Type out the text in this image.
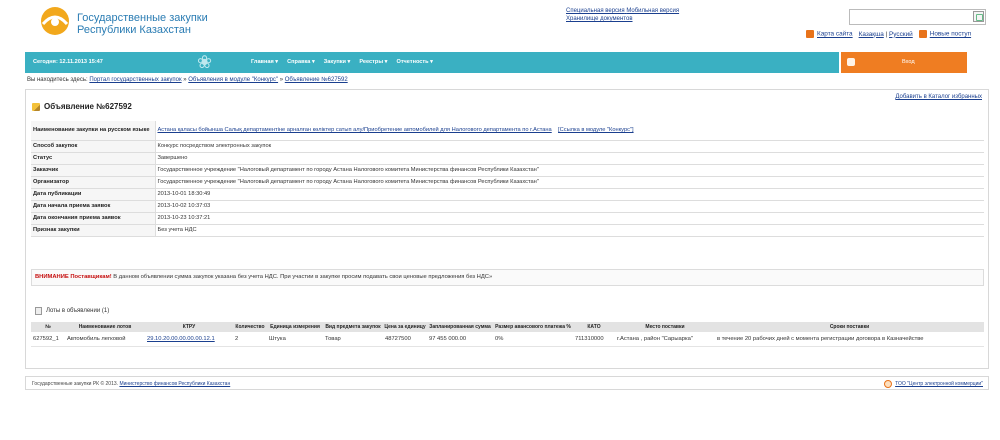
Государственные закупки
Республики Казахстан
Специальная версия Мобильная версия
Хранилище документов
Карта сайта Казақша | Русский	Новые поступ
Сегодня: 12.11.2013 15:47	❀	Главная ▾ Справка ▾ Закупки ▾ Реестры ▾ Отчетность ▾	Вход
Вы находитесь здесь: Портал государственных закупок » Объявления в модуле "Конкурс" » Объявление №627592
Добавить в Каталог избранных
Объявление №627592
Наименование закупки на русском языке	Астана қаласы бойынша Салық департаментіне арналған көліктер сатып алу/Приобретение автомобилей для Налогового департамента по г.Астана [Ссылка в модуле "Конкурс"]
Способ закупок	Конкурс посредством электронных закупок
Статус	Завершено
Заказчик	Государственное учреждение "Налоговый департамент по городу Астана Налогового комитета Министерства финансов Республики Казахстан"
Организатор	Государственное учреждение "Налоговый департамент по городу Астана Налогового комитета Министерства финансов Республики Казахстан"
Дата публикации	2013-10-01 18:30:49
Дата начала приема заявок	2013-10-02 10:37:03
Дата окончания приема заявок	2013-10-23 10:37:21
Признак закупки	Без учета НДС
ВНИМАНИЕ Поставщикам! В данном объявлении сумма закупок указана без учета НДС. При участии в закупке просим подавать свои ценовые предложения без НДС»
Лоты в объявлении (1)
№	Наименование лотов	КТРУ	Количество	Единица измерения	Вид предмета закупок	Цена за единицу	Запланированная сумма	Размер авансового платежа %	КАТО	Место поставки	Сроки поставки
627592_1	Автомобиль легковой	29.10.20.00.00.00.00.12.1	2	Штука	Товар	48727500	97 455 000.00	0%	711310000	г.Астана , район "Сарыарка"	в течение 20 рабочих дней с момента регистрации договора в Казначействе
Государственные закупки РК © 2013. Министерство финансов Республики Казахстан	ТОО "Центр электронной коммерции"
